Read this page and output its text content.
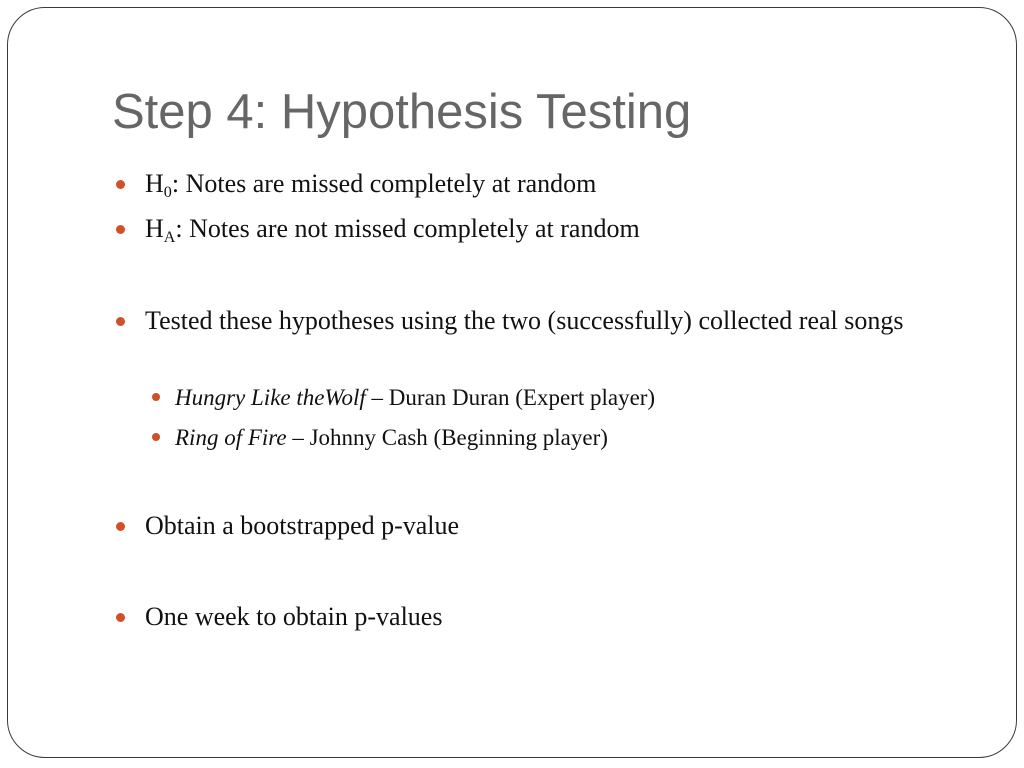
Step 4: Hypothesis Testing
$H_0$: Notes are missed completely at random
$H_A$: Notes are not missed completely at random
Tested these hypotheses using the two (successfully) collected real songs
Hungry Like theWolf – Duran Duran (Expert player)
Ring of Fire – Johnny Cash (Beginning player)
Obtain a bootstrapped p-value
One week to obtain p-values
